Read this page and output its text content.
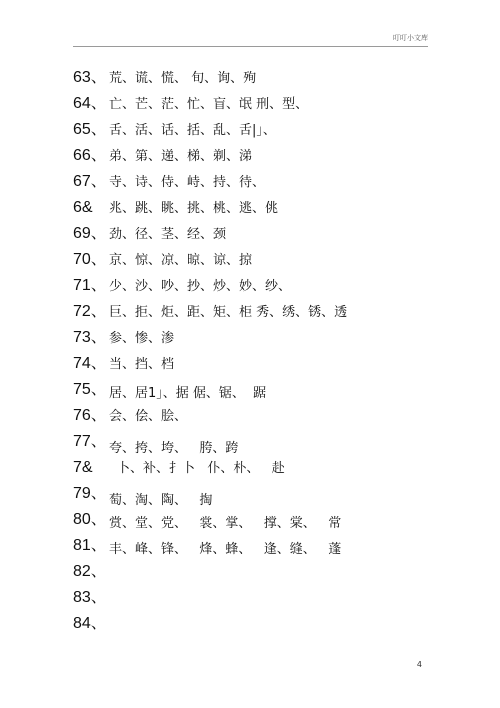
叮叮小文库
63、 荒、谎、慌、 旬、询、殉
64、 亡、芒、茫、忙、盲、氓 刑、型、
65、 舌、活、话、括、乱、舌|」、
66、 弟、第、递、梯、剃、涕
67、 寺、诗、侍、峙、持、待、
6& 兆、跳、眺、挑、桃、逃、佻
69、 劲、径、茎、经、颈
70、 京、惊、凉、晾、谅、掠
71、 少、沙、吵、抄、炒、妙、纱、
72、 巨、拒、炬、距、矩、柜 秀、绣、锈、透
73、 参、惨、渗
74、 当、挡、档
75、 居、居1」、据 倨、锯、  踞
76、 会、侩、脍、
77、 夸、挎、垮、   胯、跨
7& 卜、补、扌卜   仆、朴、   赴
79、 萄、淘、陶、   掏
80、 赏、堂、党、   裳、掌、   撑、棠、   常
81、 丰、峰、锋、   烽、蜂、   逢、缝、   蓬
82、
83、
84、
4
